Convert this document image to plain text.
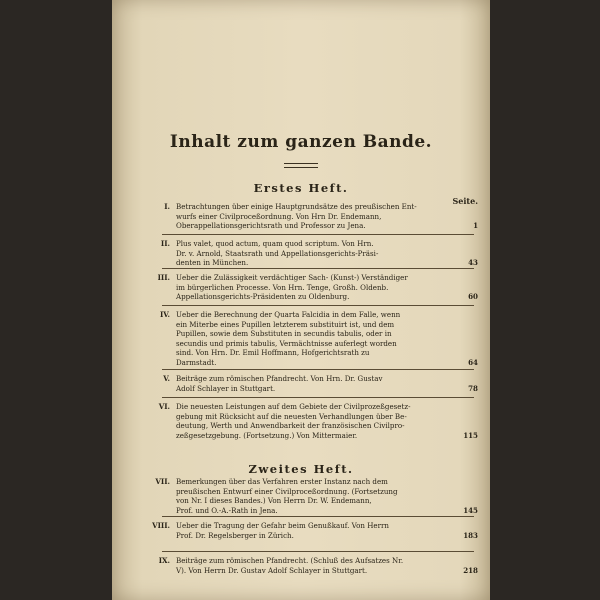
Inhalt zum ganzen Bande.
Erstes Heft.
Seite.
Zweites Heft.
I. Betrachtungen über einige Hauptgrundsätze des preußischen Ent-
wurfs einer Civilproceßordnung. Von Hrn Dr. Endemann,
Oberappellationsgerichtsrath und Professor zu Jena.	1
II. Plus valet, quod actum, quam quod scriptum. Von Hrn.
Dr. v. Arnold, Staatsrath und Appellationsgerichts-Präsi-
denten in München.	43
III. Ueber die Zulässigkeit verdächtiger Sach- (Kunst-) Verständiger
im bürgerlichen Processe. Von Hrn. Tenge, Großh. Oldenb.
Appellationsgerichts-Präsidenten zu Oldenburg.	60
IV. Ueber die Berechnung der Quarta Falcidia in dem Falle, wenn
ein Miterbe eines Pupillen letzterem substituirt ist, und dem
Pupillen, sowie dem Substituten in secundis tabulis, oder in
secundis und primis tabulis, Vermächtnisse auferlegt worden
sind. Von Hrn. Dr. Emil Hoffmann, Hofgerichtsrath zu
Darmstadt.	64
V. Beiträge zum römischen Pfandrecht. Von Hrn. Dr. Gustav
Adolf Schlayer in Stuttgart.	78
VI. Die neuesten Leistungen auf dem Gebiete der Civilprozeßgesetz-
gebung mit Rücksicht auf die neuesten Verhandlungen über Be-
deutung, Werth und Anwendbarkeit der französischen Civilpro-
zeßgesetzgebung. (Fortsetzung.) Von Mittermaier.	115
VII. Bemerkungen über das Verfahren erster Instanz nach dem
preußischen Entwurf einer Civilproceßordnung. (Fortsetzung
von Nr. I dieses Bandes.) Von Herrn Dr. W. Endemann,
Prof. und O.-A.-Rath in Jena.	145
VIII. Ueber die Tragung der Gefahr beim Genußkauf. Von Herrn
Prof. Dr. Regelsberger in Zürich.	183
IX. Beiträge zum römischen Pfandrecht. (Schluß des Aufsatzes Nr.
V). Von Herrn Dr. Gustav Adolf Schlayer in Stuttgart.	218
